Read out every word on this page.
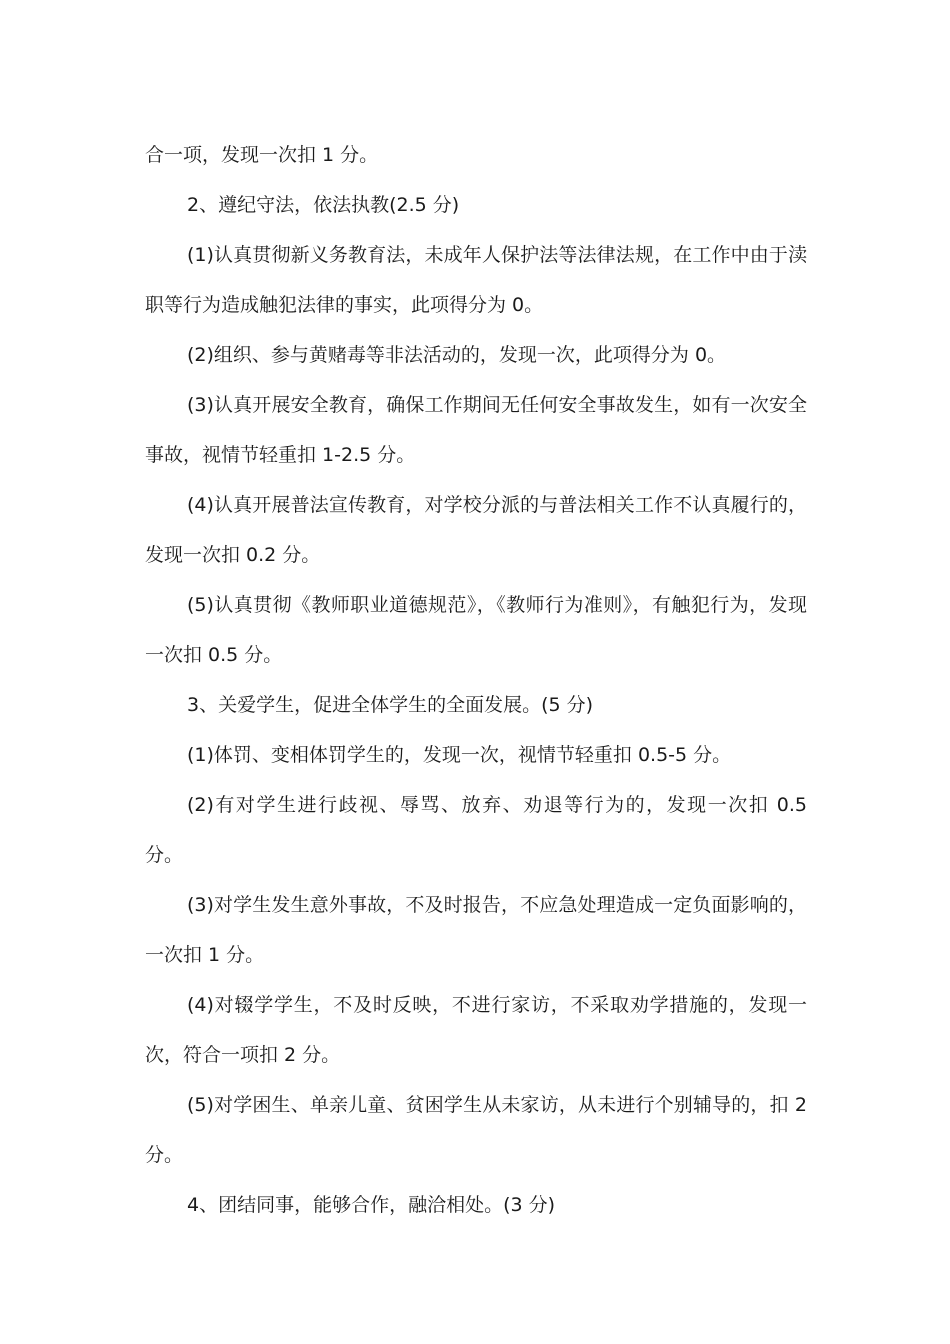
合一项，发现一次扣 1 分。

2、遵纪守法，依法执教(2.5 分)

(1)认真贯彻新义务教育法，未成年人保护法等法律法规，在工作中由于渎职等行为造成触犯法律的事实，此项得分为 0。

(2)组织、参与黄赌毒等非法活动的，发现一次，此项得分为 0。

(3)认真开展安全教育，确保工作期间无任何安全事故发生，如有一次安全事故，视情节轻重扣 1-2.5 分。

(4)认真开展普法宣传教育，对学校分派的与普法相关工作不认真履行的，发现一次扣 0.2 分。

(5)认真贯彻《教师职业道德规范》，《教师行为准则》，有触犯行为，发现一次扣 0.5 分。

3、关爱学生，促进全体学生的全面发展。(5 分)

(1)体罚、变相体罚学生的，发现一次，视情节轻重扣 0.5-5 分。

(2)有对学生进行歧视、辱骂、放弃、劝退等行为的，发现一次扣 0.5 分。

(3)对学生发生意外事故，不及时报告，不应急处理造成一定负面影响的，一次扣 1 分。

(4)对辍学学生，不及时反映，不进行家访，不采取劝学措施的，发现一次，符合一项扣 2 分。

(5)对学困生、单亲儿童、贫困学生从未家访，从未进行个别辅导的，扣 2 分。

4、团结同事，能够合作，融洽相处。(3 分)
